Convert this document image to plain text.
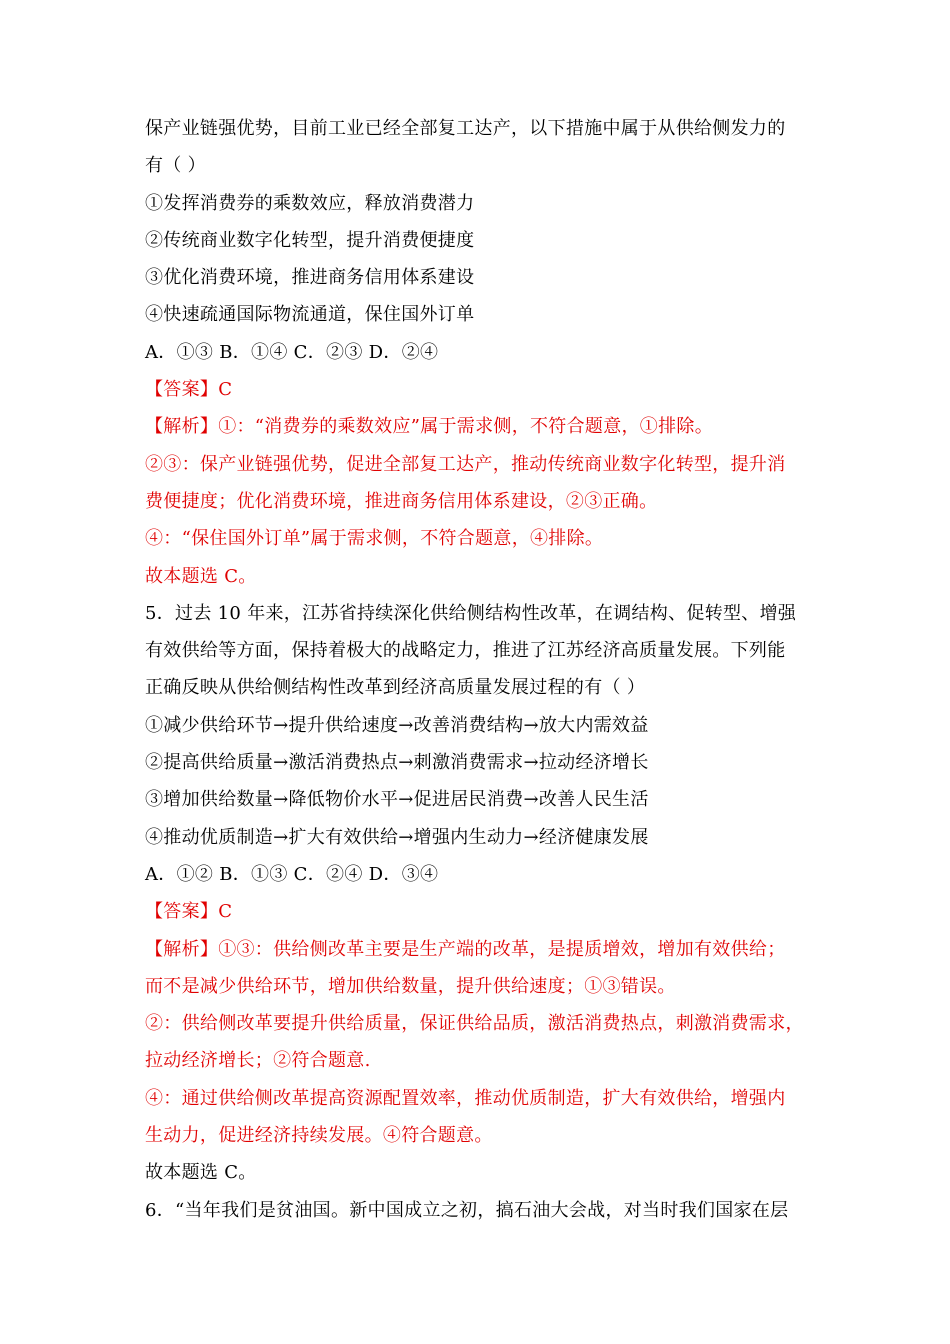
保产业链强优势，目前工业已经全部复工达产，以下措施中属于从供给侧发力的
有（ ）
①发挥消费券的乘数效应，释放消费潜力
②传统商业数字化转型，提升消费便捷度
③优化消费环境，推进商务信用体系建设
④快速疏通国际物流通道，保住国外订单
A．①③ B．①④ C．②③ D．②④
【答案】C
【解析】①：“消费券的乘数效应”属于需求侧，不符合题意，①排除。
②③：保产业链强优势，促进全部复工达产，推动传统商业数字化转型，提升消
费便捷度；优化消费环境，推进商务信用体系建设，②③正确。
④：“保住国外订单”属于需求侧，不符合题意，④排除。
故本题选 C。
5．过去 10 年来，江苏省持续深化供给侧结构性改革，在调结构、促转型、增强
有效供给等方面，保持着极大的战略定力，推进了江苏经济高质量发展。下列能
正确反映从供给侧结构性改革到经济高质量发展过程的有（ ）
①减少供给环节→提升供给速度→改善消费结构→放大内需效益
②提高供给质量→激活消费热点→刺激消费需求→拉动经济增长
③增加供给数量→降低物价水平→促进居民消费→改善人民生活
④推动优质制造→扩大有效供给→增强内生动力→经济健康发展
A．①② B．①③ C．②④ D．③④
【答案】C
【解析】①③：供给侧改革主要是生产端的改革，是提质增效，增加有效供给；
而不是减少供给环节，增加供给数量，提升供给速度；①③错误。
②：供给侧改革要提升供给质量，保证供给品质，激活消费热点，刺激消费需求，
拉动经济增长；②符合题意.
④：通过供给侧改革提高资源配置效率，推动优质制造，扩大有效供给，增强内
生动力，促进经济持续发展。④符合题意。
故本题选 C。
6．“当年我们是贫油国。新中国成立之初，搞石油大会战，对当时我们国家在层
